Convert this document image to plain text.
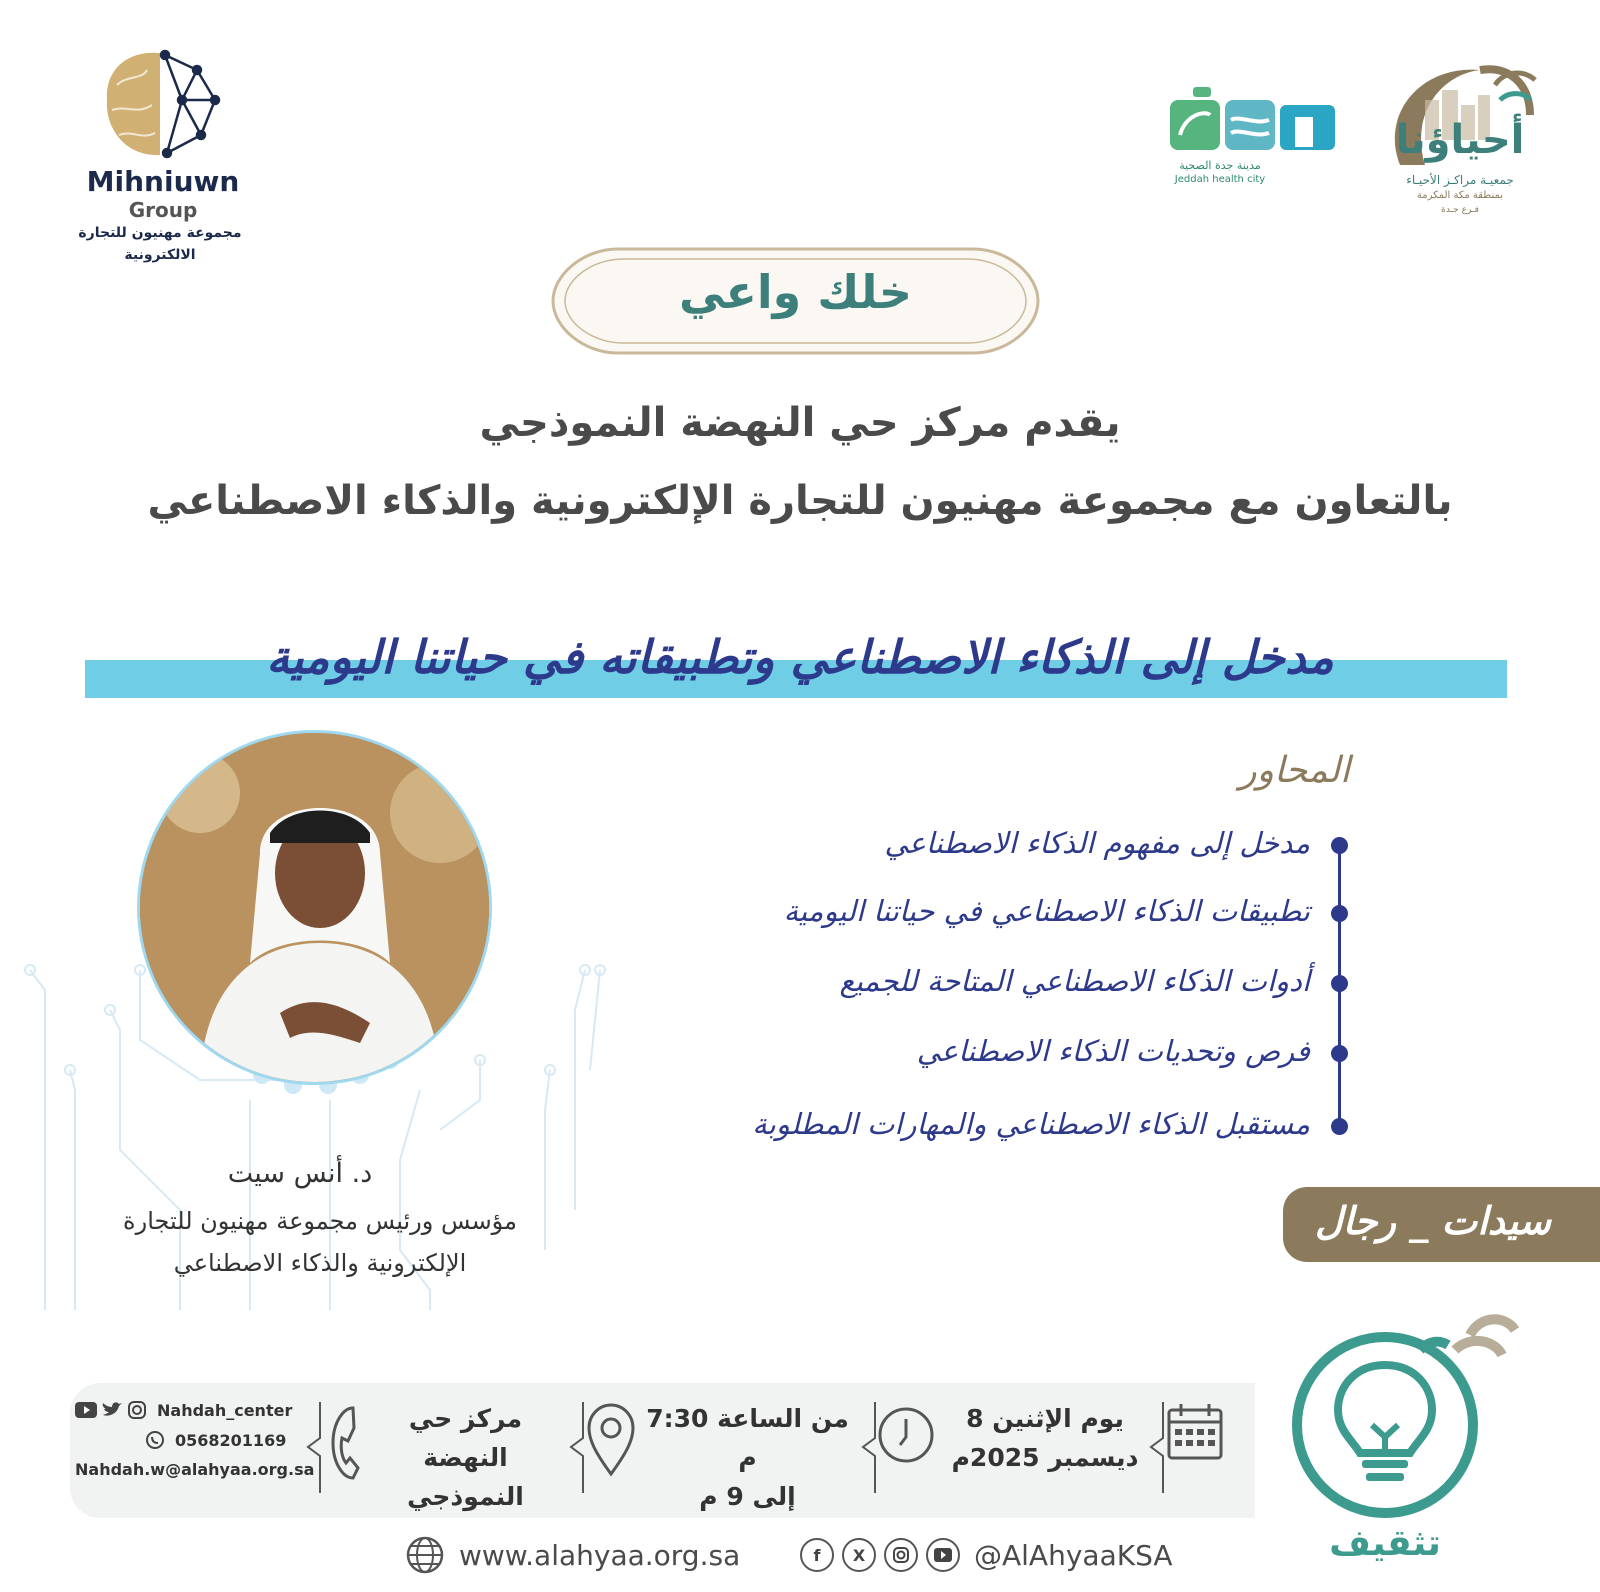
Mihniuwn
Group
مجموعة مهنيون للتجارة
الالكترونية
مدينة جدة الصحية
Jeddah health city
أحياؤنا
جمعيـة مراكـز الأحيـاء
بمنطقة مكة المكرمة
فـرع جـدة
خلك واعي
يقدم مركز حي النهضة النموذجي
بالتعاون مع مجموعة مهنيون للتجارة الإلكترونية والذكاء الاصطناعي
مدخل إلى الذكاء الاصطناعي وتطبيقاته في حياتنا اليومية
المحاور
مدخل إلى مفهوم الذكاء الاصطناعي
تطبيقات الذكاء الاصطناعي في حياتنا اليومية
أدوات الذكاء الاصطناعي المتاحة للجميع
فرص وتحديات الذكاء الاصطناعي
مستقبل الذكاء الاصطناعي والمهارات المطلوبة
سيدات _ رجال
د. أنس سيت
مؤسس ورئيس مجموعة مهنيون للتجارة
الإلكترونية والذكاء الاصطناعي
Nahdah_center
0568201169
Nahdah.w@alahyaa.org.sa
مركز حي النهضة
النموذجي
من الساعة 7:30 م
إلى 9 م
يوم الإثنين 8
ديسمبر 2025م
تثقيف
www.alahyaa.org.sa	f	X	@AlAhyaaKSA
